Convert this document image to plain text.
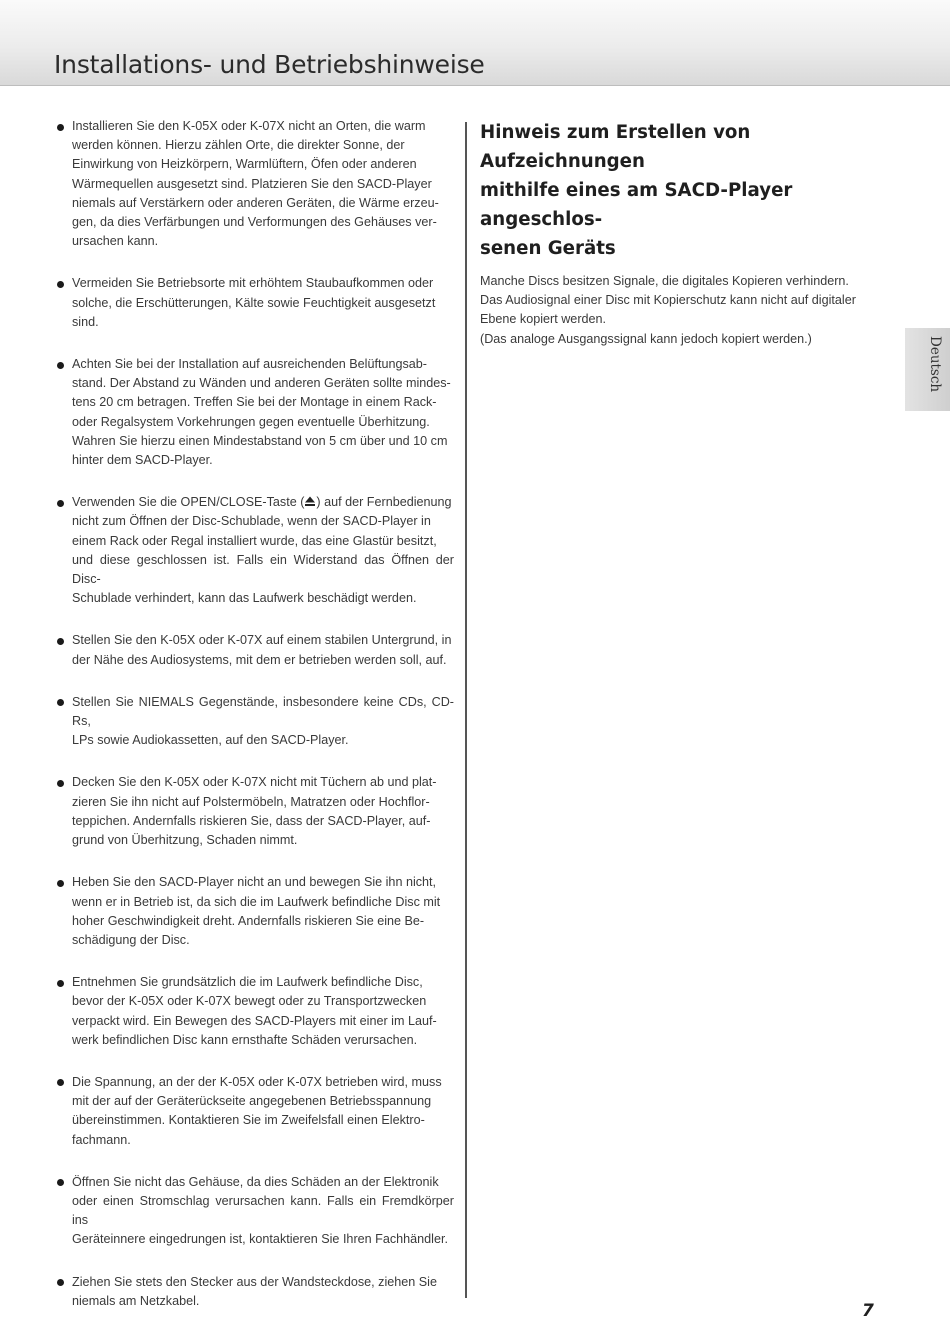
Installations- und Betriebshinweise
Installieren Sie den K-05X oder K-07X nicht an Orten, die warm
werden können. Hierzu zählen Orte, die direkter Sonne, der
Einwirkung von Heizkörpern, Warmlüftern, Öfen oder anderen
Wärmequellen ausgesetzt sind. Platzieren Sie den SACD-Player
niemals auf Verstärkern oder anderen Geräten, die Wärme erzeu-
gen, da dies Verfärbungen und Verformungen des Gehäuses ver-
ursachen kann.
Vermeiden Sie Betriebsorte mit erhöhtem Staubaufkommen oder
solche, die Erschütterungen, Kälte sowie Feuchtigkeit ausgesetzt
sind.
Achten Sie bei der Installation auf ausreichenden Belüftungsab-
stand. Der Abstand zu Wänden und anderen Geräten sollte mindes-
tens 20 cm betragen. Treffen Sie bei der Montage in einem Rack-
oder Regalsystem Vorkehrungen gegen eventuelle Überhitzung.
Wahren Sie hierzu einen Mindestabstand von 5 cm über und 10 cm
hinter dem SACD-Player.
Verwenden Sie die OPEN/CLOSE-Taste ( ) auf der Fernbedienung
nicht zum Öffnen der Disc-Schublade, wenn der SACD-Player in
einem Rack oder Regal installiert wurde, das eine Glastür besitzt,
und diese geschlossen ist. Falls ein Widerstand das Öffnen der Disc-
Schublade verhindert, kann das Laufwerk beschädigt werden.
Stellen Sie den K-05X oder K-07X auf einem stabilen Untergrund, in
der Nähe des Audiosystems, mit dem er betrieben werden soll, auf.
Stellen Sie NIEMALS Gegenstände, insbesondere keine CDs, CD-Rs,
LPs sowie Audiokassetten, auf den SACD-Player.
Decken Sie den K-05X oder K-07X nicht mit Tüchern ab und plat-
zieren Sie ihn nicht auf Polstermöbeln, Matratzen oder Hochflor-
teppichen. Andernfalls riskieren Sie, dass der SACD-Player, auf-
grund von Überhitzung, Schaden nimmt.
Heben Sie den SACD-Player nicht an und bewegen Sie ihn nicht,
wenn er in Betrieb ist, da sich die im Laufwerk befindliche Disc mit
hoher Geschwindigkeit dreht. Andernfalls riskieren Sie eine Be-
schädigung der Disc.
Entnehmen Sie grundsätzlich die im Laufwerk befindliche Disc,
bevor der K-05X oder K-07X bewegt oder zu Transportzwecken
verpackt wird. Ein Bewegen des SACD-Players mit einer im Lauf-
werk befindlichen Disc kann ernsthafte Schäden verursachen.
Die Spannung, an der der K-05X oder K-07X betrieben wird, muss
mit der auf der Geräterückseite angegebenen Betriebsspannung
übereinstimmen. Kontaktieren Sie im Zweifelsfall einen Elektro-
fachmann.
Öffnen Sie nicht das Gehäuse, da dies Schäden an der Elektronik
oder einen Stromschlag verursachen kann. Falls ein Fremdkörper ins
Geräteinnere eingedrungen ist, kontaktieren Sie Ihren Fachhändler.
Ziehen Sie stets den Stecker aus der Wandsteckdose, ziehen Sie
niemals am Netzkabel.
Hinweis zum Erstellen von Aufzeichnungen
mithilfe eines am SACD-Player angeschlos-
senen Geräts

Manche Discs besitzen Signale, die digitales Kopieren verhindern.

Das Audiosignal einer Disc mit Kopierschutz kann nicht auf digitaler

Ebene kopiert werden.

(Das analoge Ausgangssignal kann jedoch kopiert werden.)	Deutsch
7
